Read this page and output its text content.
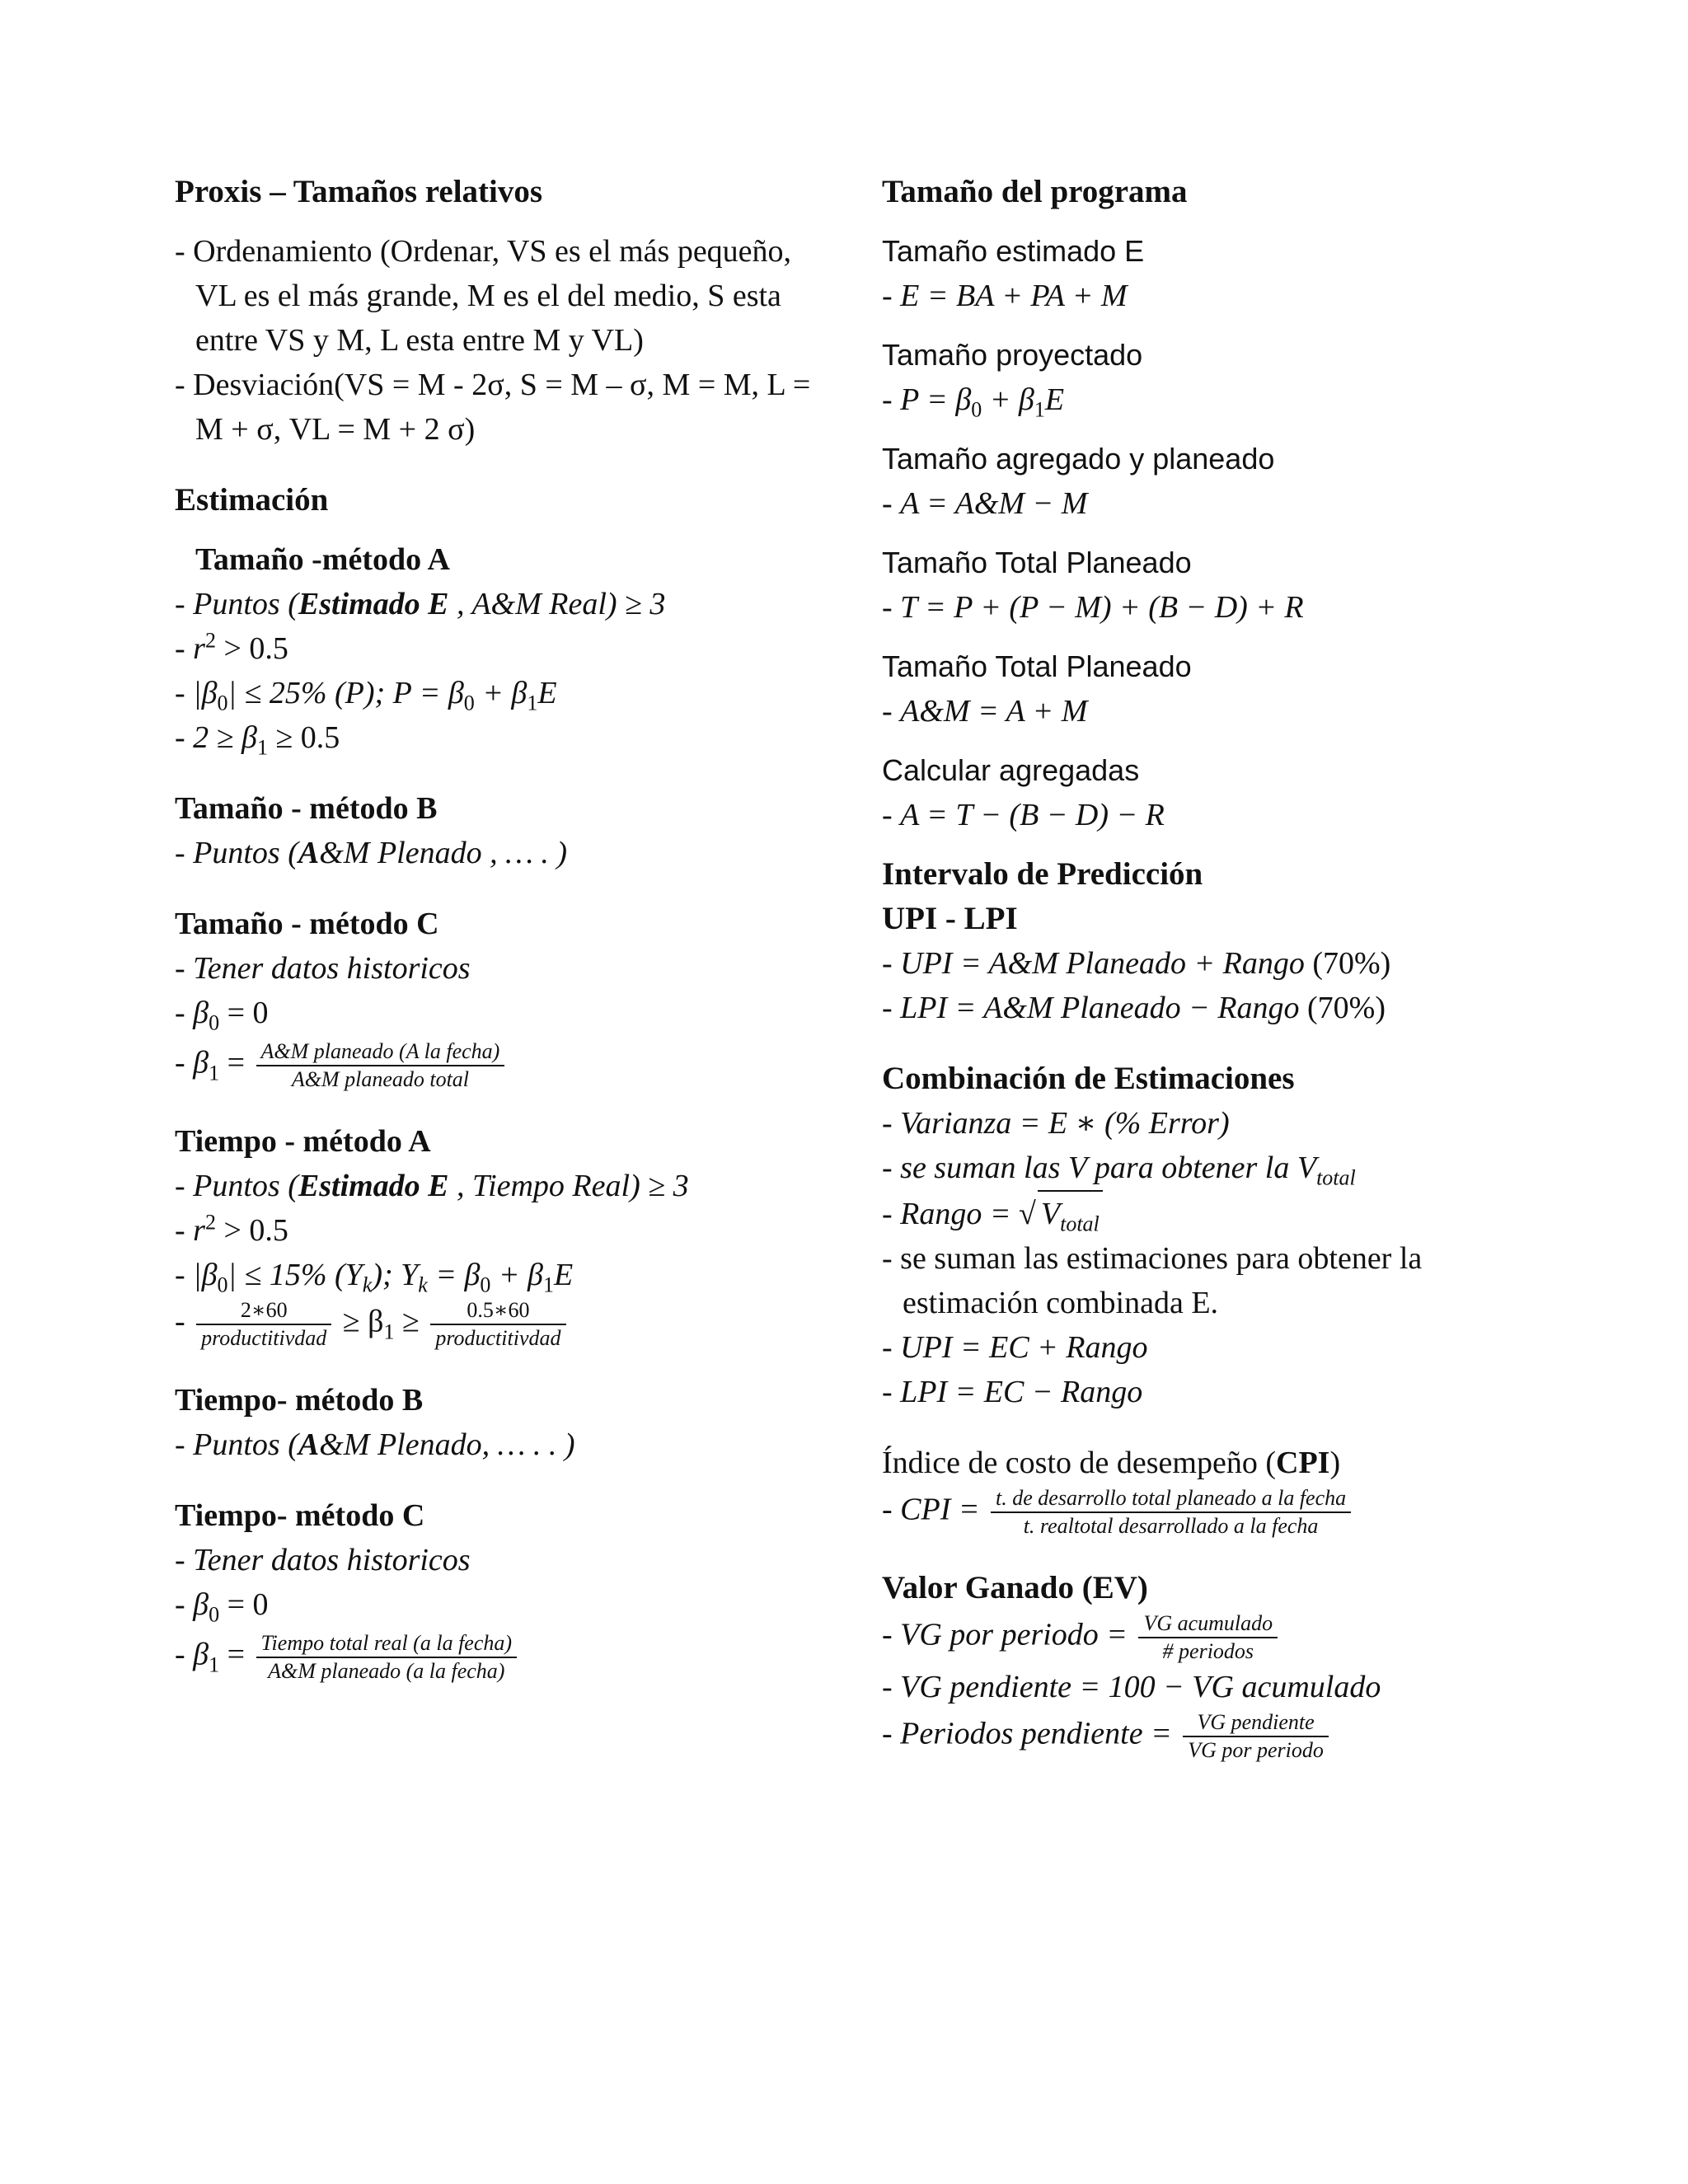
Proxis – Tamaños relativos
- Ordenamiento (Ordenar, VS es el más pequeño, VL es el más grande, M es el del medio, S esta entre VS y M, L esta entre M y VL)
- Desviación(VS = M - 2σ, S = M – σ, M = M, L = M + σ, VL = M + 2 σ)
Estimación
Tamaño -método A
- Puntos (Estimado E , A&M Real) ≥ 3
- $r^2 > 0.5$
- $|\beta_0| \le 25\%$ (P); $P = \beta_0 + \beta_1E$
- $2 \ge \beta_1 \ge 0.5$
Tamaño - método B
- Puntos (A&M Plenado , … . )
Tamaño - método C
- Tener datos historicos
- $\beta_0 = 0$
- $\beta_1 = \frac{\text{A\&M planeado (A la fecha)}}{\text{A\&M planeado total}}$
Tiempo - método A
- Puntos (Estimado E , Tiempo Real) ≥ 3
- $r^2 > 0.5$
- $|\beta_0| \le 15\%$ $(Y_k)$; $Y_k = \beta_0 + \beta_1E$
- $\frac{2∗60}{\text{productitivdad}} \ge \beta_1 \ge \frac{0.5∗60}{\text{productitivdad}}$
Tiempo- método B
- Puntos (A&M Plenado, … . . )
Tiempo- método C
- Tener datos historicos
- $\beta_0 = 0$
- $\beta_1 = \frac{\text{Tiempo total real (a la fecha)}}{\text{A\&M planeado (a la fecha)}}$
Tamaño del programa
Tamaño estimado E
- E = BA + PA + M
Tamaño proyectado
- $P = \beta_0 + \beta_1E$
Tamaño agregado y planeado
- A = A&M − M
Tamaño Total Planeado
- T = P + (P − M) + (B − D) + R
Tamaño Total Planeado
- A&M = A + M
Calcular agregadas
- A = T − (B − D) − R
Intervalo de Predicción
UPI - LPI
- UPI = A&M Planeado + Rango (70%)
- LPI = A&M Planeado − Rango (70%)
Combinación de Estimaciones
- Varianza = E ∗ (% Error)
- se suman las V para obtener la $V_{total}$
- Rango = √ $V_{total}$
- se suman las estimaciones para obtener la estimación combinada E.
- UPI = EC + Rango
- LPI = EC − Rango
Índice de costo de desempeño (CPI)
- CPI = $\frac{\text{t. de desarrollo total planeado a la fecha}}{\text{t. realtotal desarrollado a la fecha}}$
Valor Ganado (EV)
- VG por periodo = $\frac{\text{VG acumulado}}{\text{\# periodos}}$
- VG pendiente = 100 − VG acumulado
- Periodos pendiente = $\frac{\text{VG pendiente}}{\text{VG por periodo}}$
